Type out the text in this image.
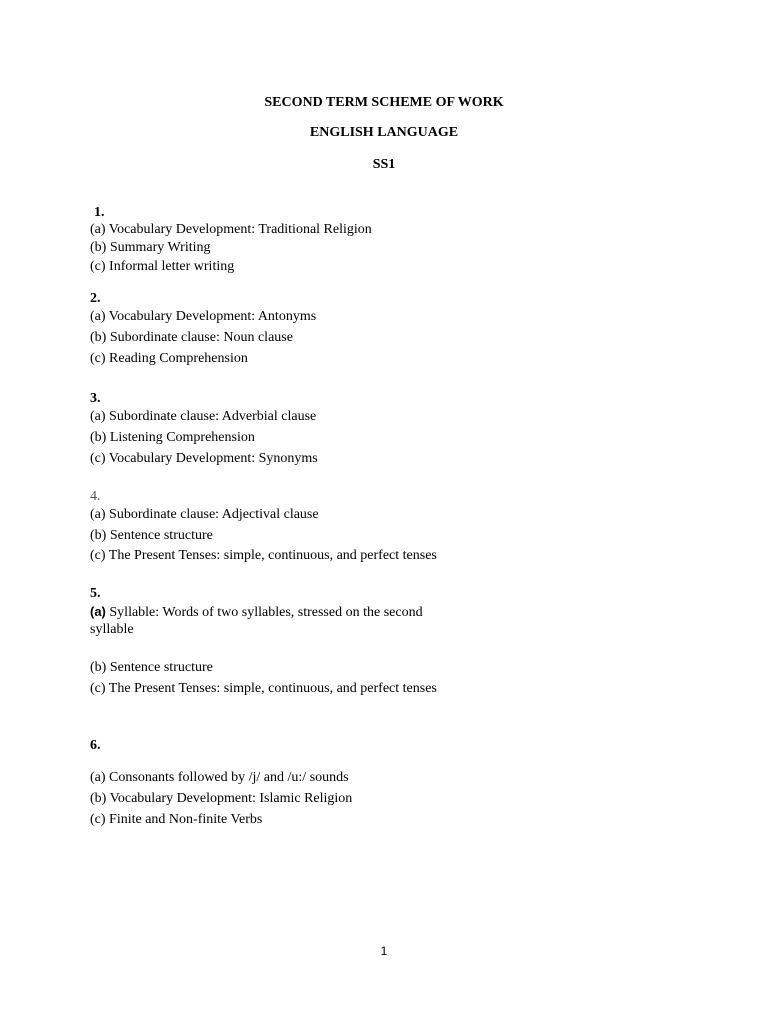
SECOND TERM SCHEME OF WORK
ENGLISH LANGUAGE
SS1
1.
(a) Vocabulary Development: Traditional Religion
(b) Summary Writing
(c) Informal letter writing
2.
(a) Vocabulary Development: Antonyms
(b) Subordinate clause: Noun clause
(c) Reading Comprehension
3.
(a) Subordinate clause: Adverbial clause
(b) Listening Comprehension
(c) Vocabulary Development: Synonyms
4.
(a) Subordinate clause: Adjectival clause
(b) Sentence structure
(c) The Present Tenses: simple, continuous, and perfect tenses
5.
(a) Syllable: Words of two syllables, stressed on the second
syllable
(b) Sentence structure
(c) The Present Tenses: simple, continuous, and perfect tenses
6.
(a) Consonants followed by /j/ and /u:/ sounds
(b) Vocabulary Development: Islamic Religion
(c) Finite and Non-finite Verbs
1
